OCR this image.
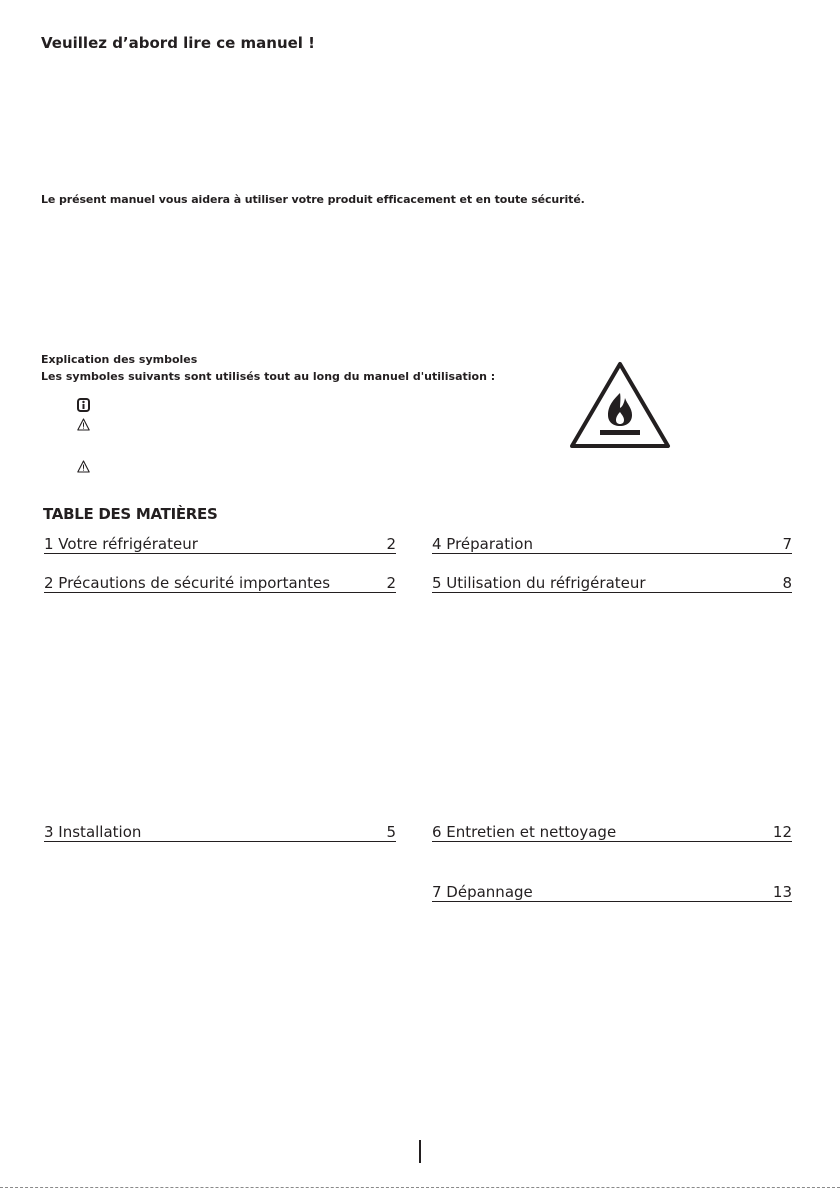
Veuillez d’abord lire ce manuel !
Le présent manuel vous aidera à utiliser votre produit efficacement et en toute sécurité.
Explication des symboles
Les symboles suivants sont utilisés tout au long du manuel d'utilisation :
TABLE DES MATIÈRES
1 Votre réfrigérateur	2
2 Précautions de sécurité importantes	2
3 Installation	5
4 Préparation	7
5 Utilisation du réfrigérateur	8
6 Entretien et nettoyage	12
7 Dépannage	13
